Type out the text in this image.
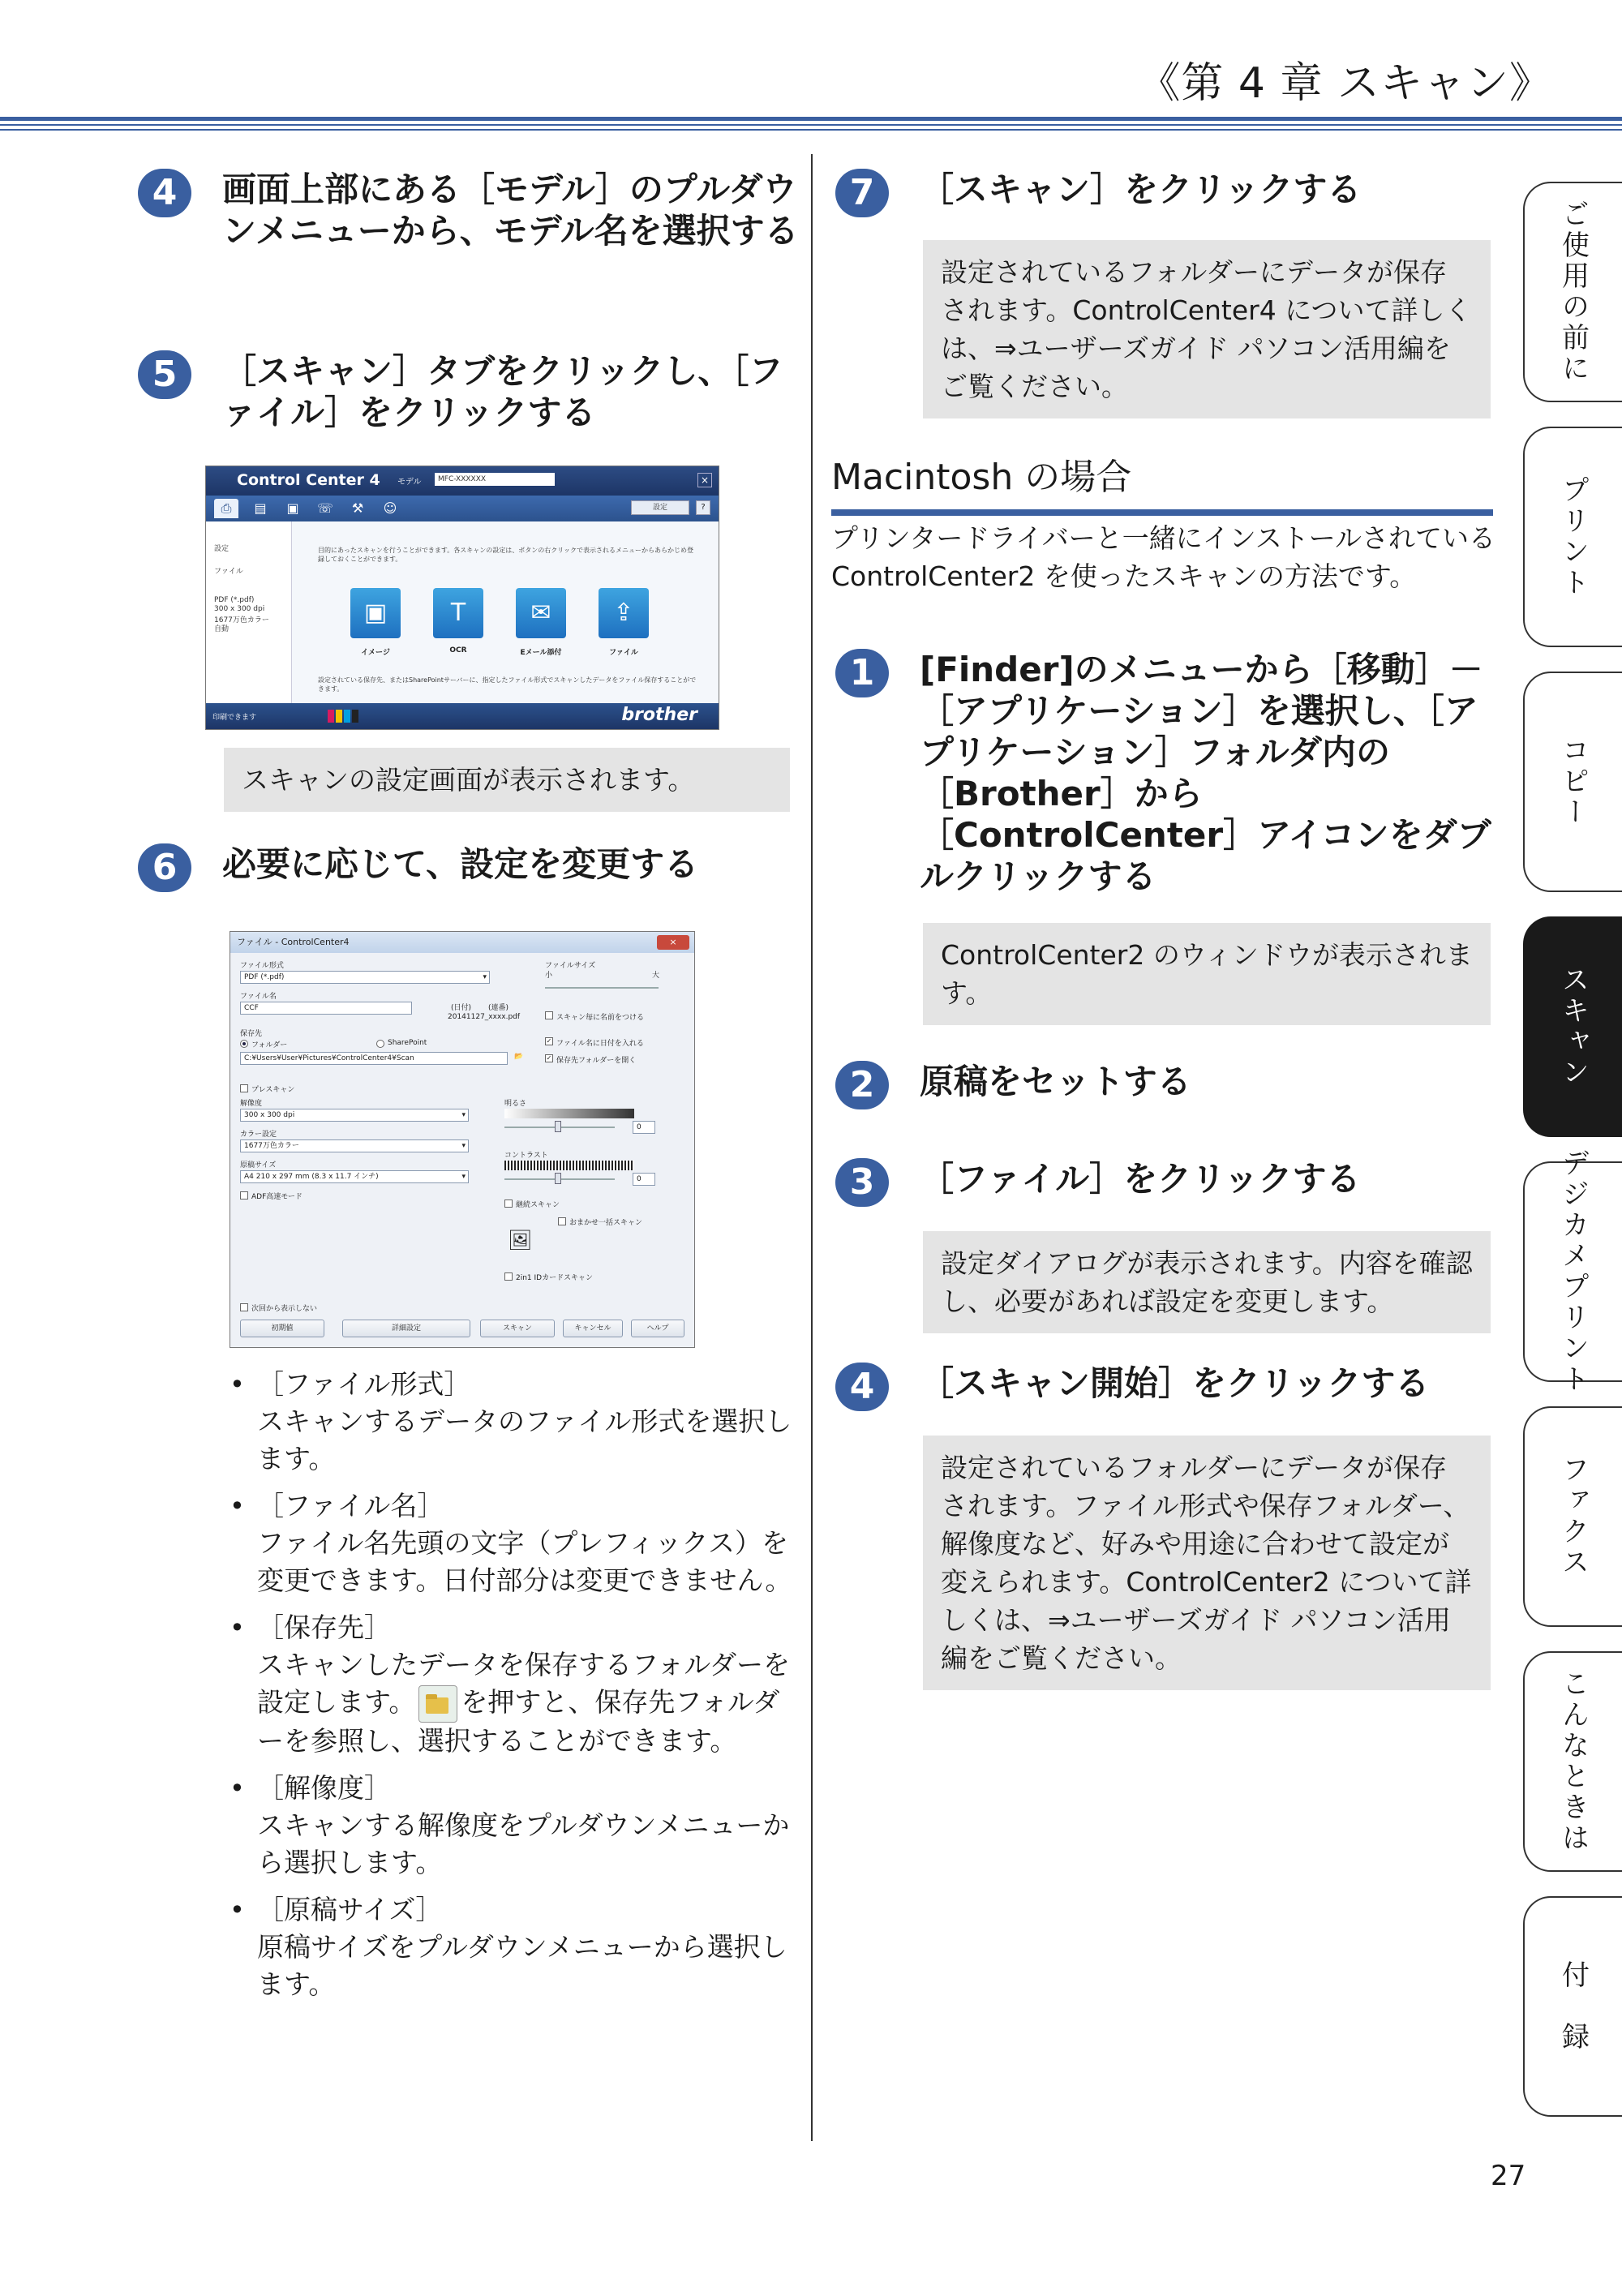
《第 4 章 スキャン》
4	画面上部にある［モデル］のプルダウンメニューから、モデル名を選択する
5	［スキャン］タブをクリックし、［ファイル］をクリックする
Control Center 4 モデル	MFC-XXXXXX	×
⎙	▤	▣	☏	⚒	☺	設定	?
設定
ファイル
PDF (*.pdf)
300 x 300 dpi
1677万色カラー
自動
目的にあったスキャンを行うことができます。各スキャンの設定は、ボタンの右クリックで表示されるメニューからあらかじめ登録しておくことができます。
▣
イメージ
T
OCR
✉
Eメール添付
⇪
ファイル
設定されている保存先、またはSharePointサーバーに、指定したファイル形式でスキャンしたデータをファイル保存することができます。
印刷できます	brother
スキャンの設定画面が表示されます。
6	必要に応じて、設定を変更する
ファイル - ControlCenter4	×
ファイル形式
PDF (*.pdf) ▾
ファイルサイズ
小	大
ファイル名
CCF	(日付) (連番)
20141127_xxxx.pdf	スキャン毎に名前をつける
保存先
フォルダー	SharePoint	✓ ファイル名に日付を入れる
C:¥Users¥User¥Pictures¥ControlCenter4¥Scan	📂	✓ 保存先フォルダーを開く
プレスキャン
解像度
300 x 300 dpi ▾
明るさ
0
カラー設定
1677万色カラー ▾
コントラスト
0
原稿サイズ
A4 210 x 297 mm (8.3 x 11.7 インチ) ▾
ADF高速モード
継続スキャン
おまかせ一括スキャン
🖼
2in1 IDカードスキャン
次回から表示しない
初期値	詳細設定	スキャン	キャンセル	ヘルプ
• ［ファイル形式］
スキャンするデータのファイル形式を選択します。
• ［ファイル名］
ファイル名先頭の文字（プレフィックス）を変更できます。日付部分は変更できません。
• ［保存先］
スキャンしたデータを保存するフォルダーを設定します。 を押すと、保存先フォルダーを参照し、選択することができます。
• ［解像度］
スキャンする解像度をプルダウンメニューから選択します。
• ［原稿サイズ］
原稿サイズをプルダウンメニューから選択します。
7	［スキャン］をクリックする
設定されているフォルダーにデータが保存されます。ControlCenter4 について詳しくは、⇒ユーザーズガイド パソコン活用編をご覧ください。
Macintosh の場合
プリンタードライバーと一緒にインストールされている ControlCenter2 を使ったスキャンの方法です。
1	[Finder]のメニューから［移動］－［アプリケーション］を選択し、［アプリケーション］フォルダ内の［Brother］から［ControlCenter］アイコンをダブルクリックする
ControlCenter2 のウィンドウが表示されます。
2	原稿をセットする
3	［ファイル］をクリックする
設定ダイアログが表示されます。内容を確認し、必要があれば設定を変更します。
4	［スキャン開始］をクリックする
設定されているフォルダーにデータが保存されます。ファイル形式や保存フォルダー、解像度など、好みや用途に合わせて設定が変えられます。ControlCenter2 について詳しくは、⇒ユーザーズガイド パソコン活用編をご覧ください。
ご使用の前に
プリント
コピー
スキャン
デジカメプリント
ファクス
こんなときは
付　録
27
